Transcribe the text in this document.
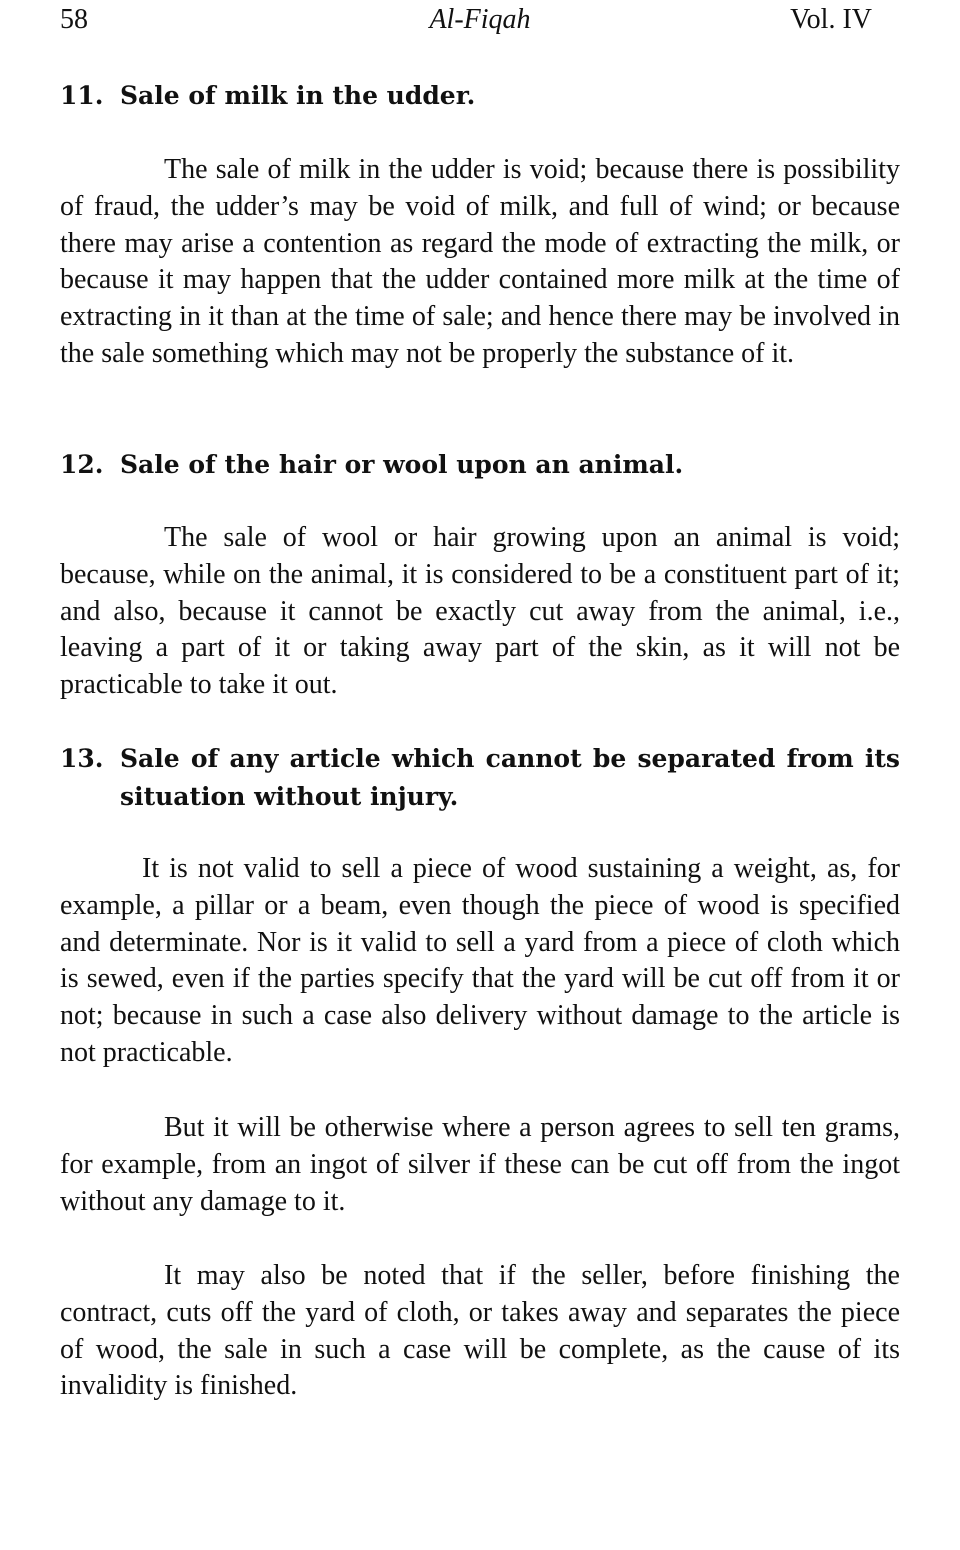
Al-Fiqah
58	Vol. IV
11. Sale of milk in the udder.

The sale of milk in the udder is void; because there is possibility of fraud, the udder’s may be void of milk, and full of wind; or because there may arise a contention as regard the mode of extracting the milk, or because it may happen that the udder contained more milk at the time of extracting in it than at the time of sale; and hence there may be involved in the sale something which may not be properly the substance of it.

12. Sale of the hair or wool upon an animal.

The sale of wool or hair growing upon an animal is void; because, while on the animal, it is considered to be a constituent part of it; and also, because it cannot be exactly cut away from the animal, i.e., leaving a part of it or taking away part of the skin, as it will not be practicable to take it out.

13. Sale of any article which cannot be separated from its situation without injury.

It is not valid to sell a piece of wood sustaining a weight, as, for example, a pillar or a beam, even though the piece of wood is specified and determinate. Nor is it valid to sell a yard from a piece of cloth which is sewed, even if the parties specify that the yard will be cut off from it or not; because in such a case also delivery without damage to the article is not practicable.

But it will be otherwise where a person agrees to sell ten grams, for example, from an ingot of silver if these can be cut off from the ingot without any damage to it.

It may also be noted that if the seller, before finishing the contract, cuts off the yard of cloth, or takes away and separates the piece of wood, the sale in such a case will be complete, as the cause of its invalidity is finished.
